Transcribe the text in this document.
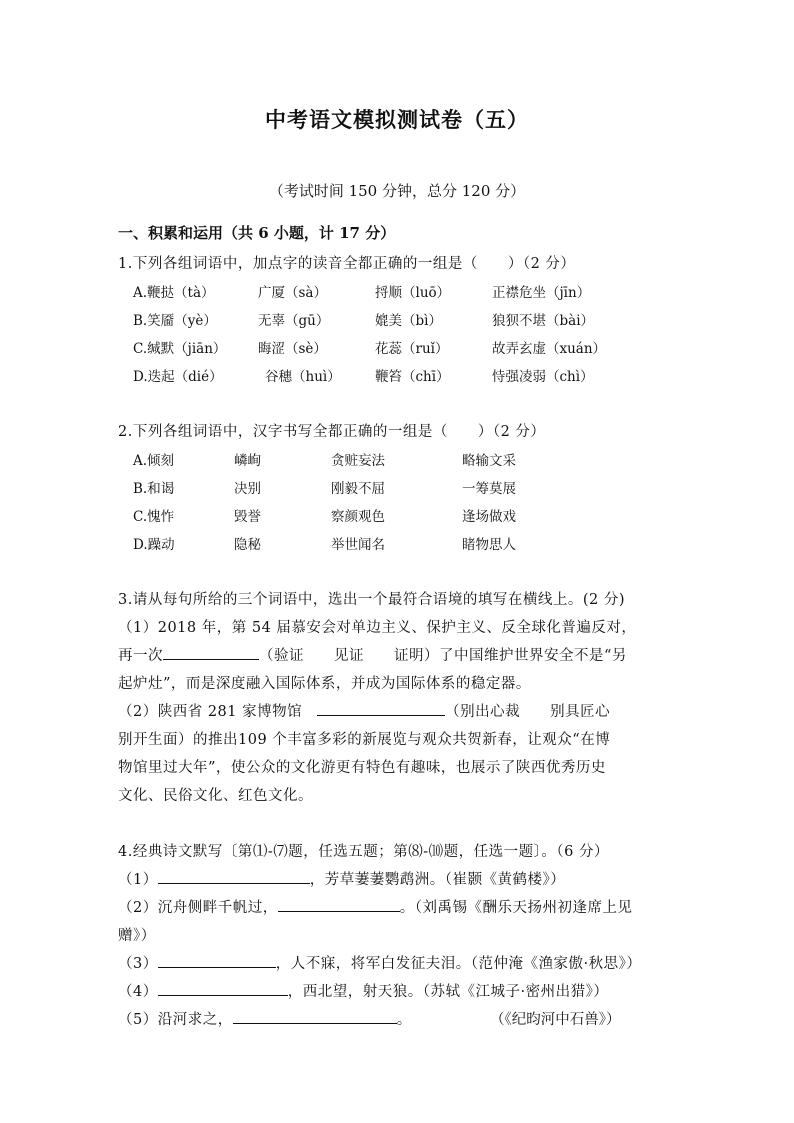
中考语文模拟测试卷（五）
（考试时间 150 分钟，总分 120 分）
一、积累和运用（共 6 小题，计 17 分）
1.下列各组词语中，加点字的读音全都正确的一组是（　　）（2 分）
A.鞭挞（tà）	广厦（sà）	捋顺（luō）	正襟危坐（jīn）
B.笑靥（yè）	无辜（gū）	媲美（bì）	狼狈不堪（bài）
C.缄默（jiān） 晦涩（sè）	花蕊（ruǐ）	故弄玄虚（xuán）
D.迭起（dié）	谷穗（huì）	鞭笞（chī）	恃强凌弱（chì）
2.下列各组词语中，汉字书写全都正确的一组是（　　）（2 分）
A.倾刻	嶙峋	贪赃妄法	略输文采
B.和谒	决别	刚毅不屈	一筹莫展
C.愧怍	毁誉	察颜观色	逢场做戏
D.躁动	隐秘	举世闻名	睹物思人
3.请从每句所给的三个词语中，选出一个最符合语境的填写在横线上。(2 分)
（1）2018 年，第 54 届慕安会对单边主义、保护主义、反全球化普遍反对，
再一次	（验证　　见证　　证明）了中国维护世界安全不是“另
起炉灶”，而是深度融入国际体系，并成为国际体系的稳定器。
（2）陕西省 281 家博物馆　	（别出心裁　　别具匠心
别开生面）的推出109 个丰富多彩的新展览与观众共贺新春，让观众“在博
物馆里过大年”，使公众的文化游更有特色有趣味，也展示了陕西优秀历史
文化、民俗文化、红色文化。
4.经典诗文默写〔第⑴-⑺题，任选五题；第⑻-⑽题，任选一题〕。（6 分）
（1）	，芳草萋萋鹦鹉洲。（崔颢《黄鹤楼》）
（2）沉舟侧畔千帆过，	。（刘禹锡《酬乐天扬州初逢席上见
赠》）
（3）	，人不寐，将军白发征夫泪。（范仲淹《渔家傲·秋思》）
（4）	，西北望，射天狼。（苏轼《江城子·密州出猎》）
（5）沿河求之，	。	（《纪昀河中石兽》）
